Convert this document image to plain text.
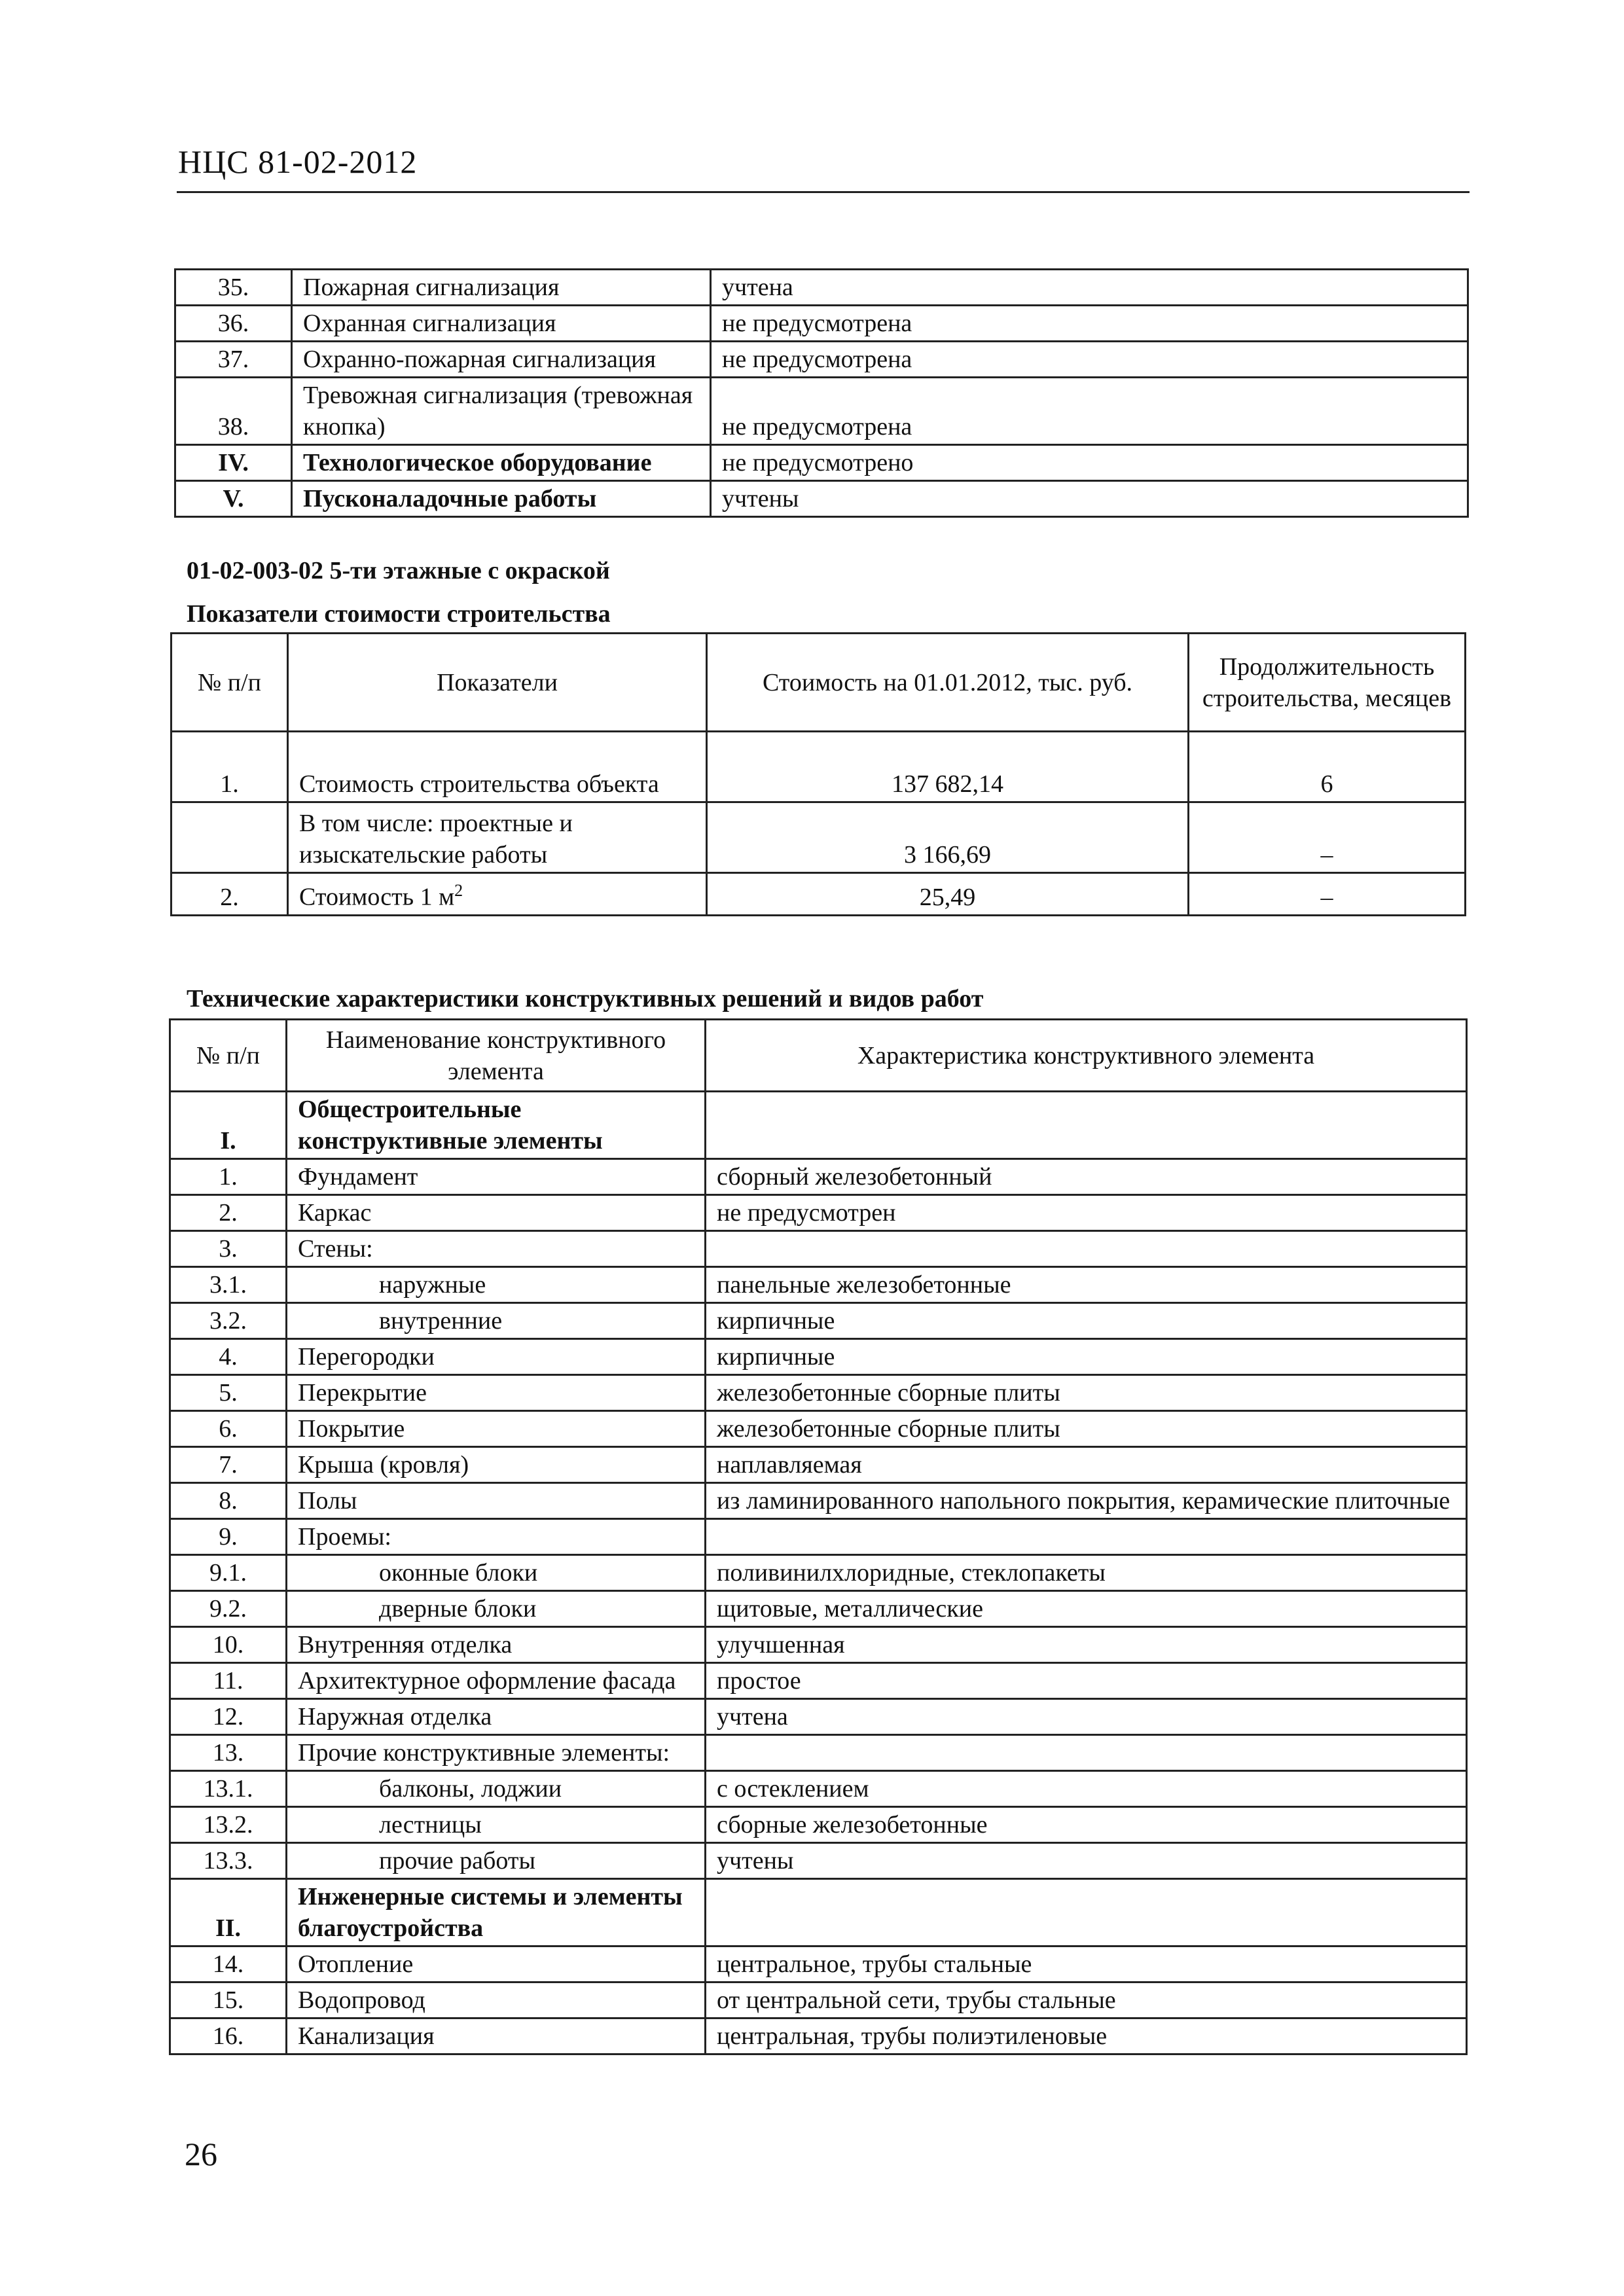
НЦС 81-02-2012
35.	Пожарная сигнализация	учтена
36.	Охранная сигнализация	не предусмотрена
37.	Охранно-пожарная сигнализация	не предусмотрена
38.	Тревожная сигнализация (тревожная кнопка)	не предусмотрена
IV.	Технологическое оборудование	не предусмотрено
V.	Пусконаладочные работы	учтены
01-02-003-02 5-ти этажные с окраской
Показатели стоимости строительства
№ п/п	Показатели	Стоимость на 01.01.2012, тыс. руб.	Продолжительность строительства, месяцев
1.	Стоимость строительства объекта	137 682,14	6
	В том числе: проектные и изыскательские работы	3 166,69	–
2.	Стоимость 1 $м^2$	25,49	–
Технические характеристики конструктивных решений и видов работ
№ п/п	Наименование конструктивного элемента	Характеристика конструктивного элемента
I.	Общестроительные конструктивные элементы	
1.	Фундамент	сборный железобетонный
2.	Каркас	не предусмотрен
3.	Стены:	
3.1.	наружные	панельные железобетонные
3.2.	внутренние	кирпичные
4.	Перегородки	кирпичные
5.	Перекрытие	железобетонные сборные плиты
6.	Покрытие	железобетонные сборные плиты
7.	Крыша (кровля)	наплавляемая
8.	Полы	из ламинированного напольного покрытия, керамические плиточные
9.	Проемы:	
9.1.	оконные блоки	поливинилхлоридные, стеклопакеты
9.2.	дверные блоки	щитовые, металлические
10.	Внутренняя отделка	улучшенная
11.	Архитектурное оформление фасада	простое
12.	Наружная отделка	учтена
13.	Прочие конструктивные элементы:	
13.1.	балконы, лоджии	с остеклением
13.2.	лестницы	сборные железобетонные
13.3.	прочие работы	учтены
II.	Инженерные системы и элементы благоустройства	
14.	Отопление	центральное, трубы стальные
15.	Водопровод	от центральной сети, трубы стальные
16.	Канализация	центральная, трубы полиэтиленовые
26
